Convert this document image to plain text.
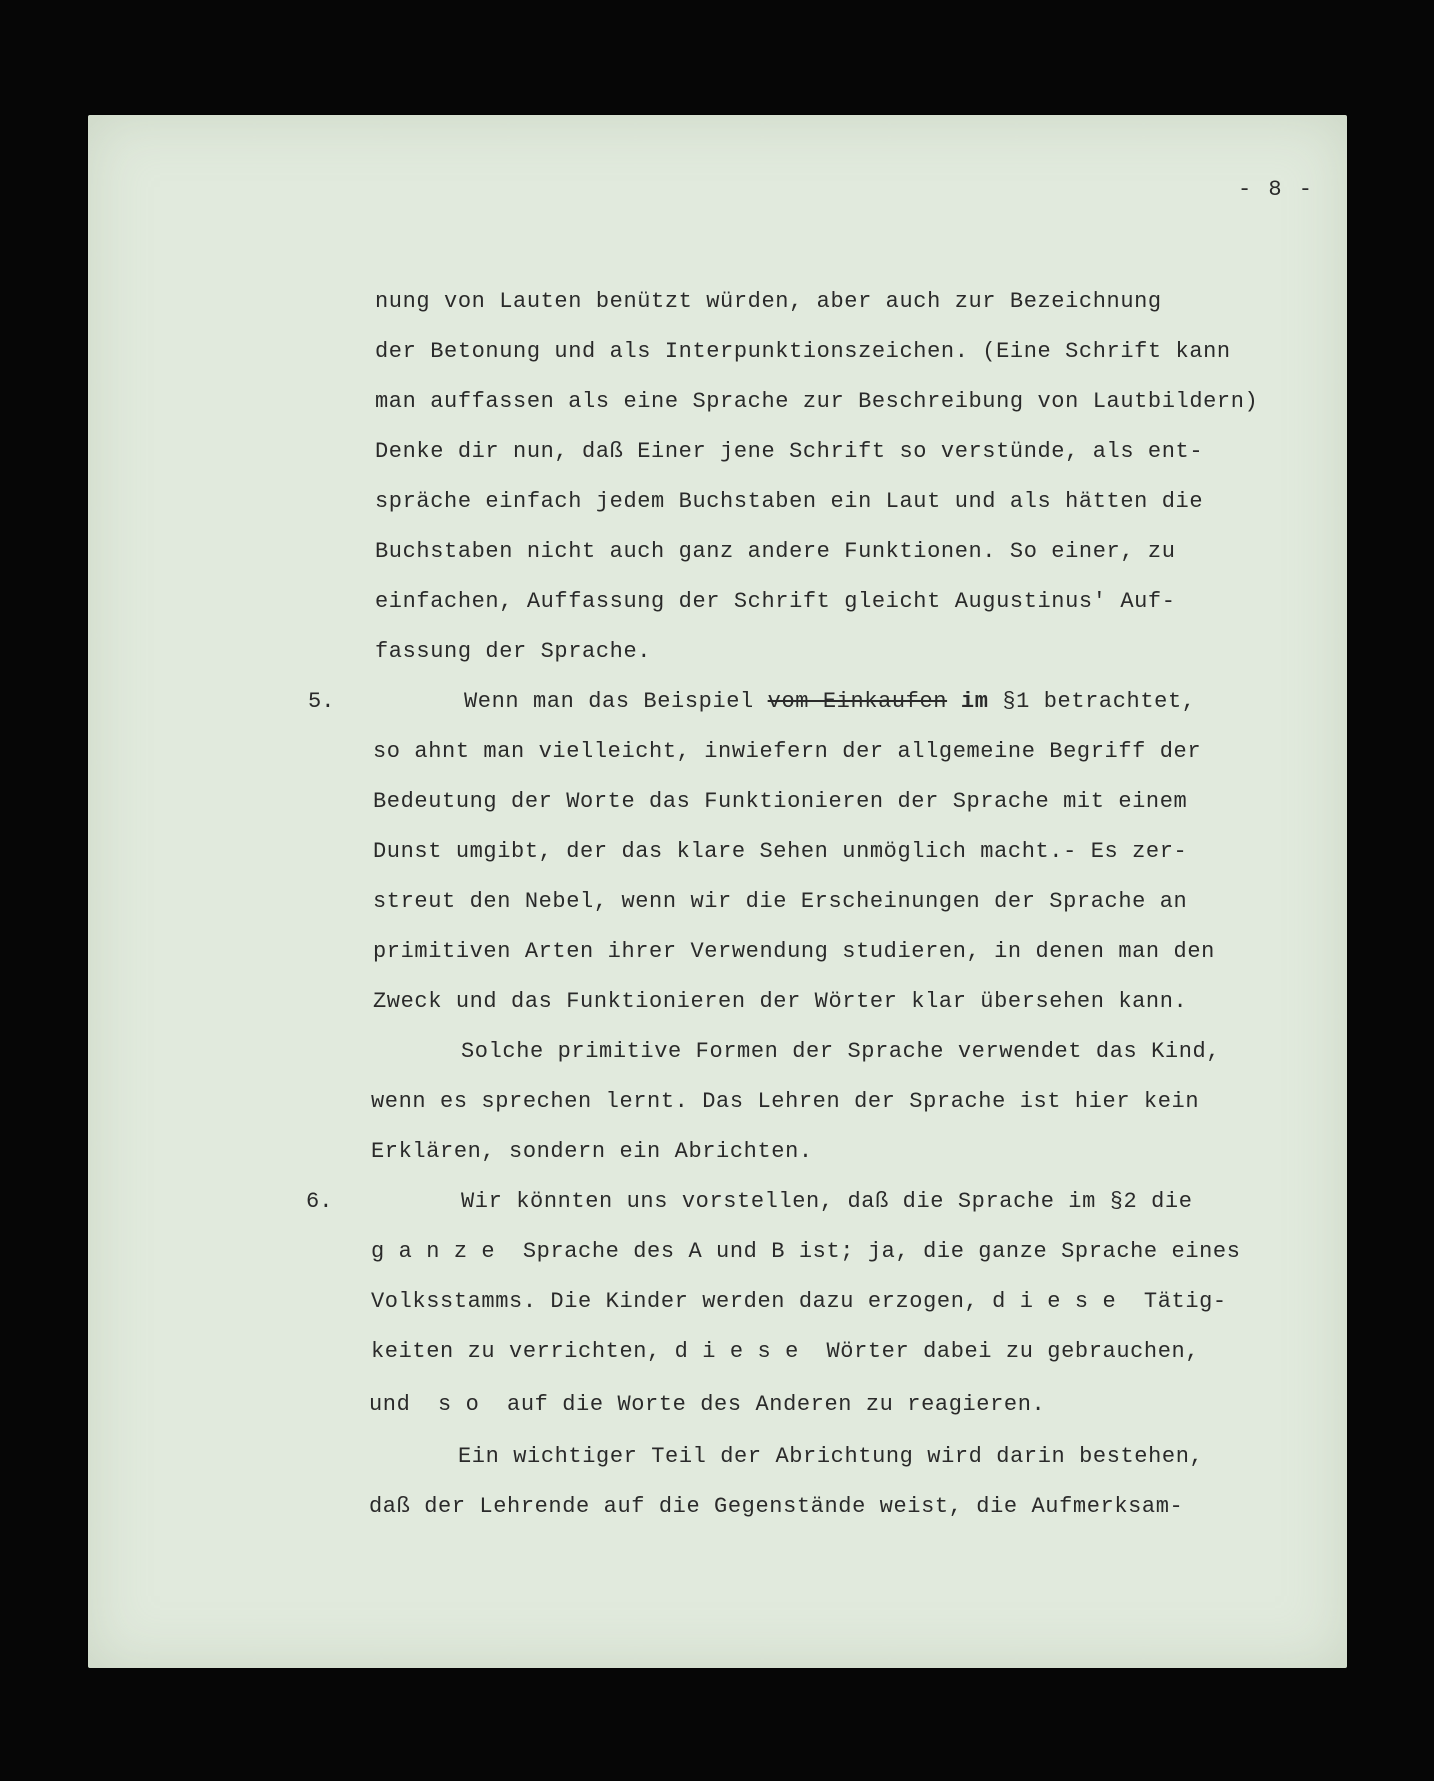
- 8 -
nung von Lauten benützt würden, aber auch zur Bezeichnung
der Betonung und als Interpunktionszeichen. (Eine Schrift kann
man auffassen als eine Sprache zur Beschreibung von Lautbildern)
Denke dir nun, daß Einer jene Schrift so verstünde, als ent-
spräche einfach jedem Buchstaben ein Laut und als hätten die
Buchstaben nicht auch ganz andere Funktionen. So einer, zu
einfachen, Auffassung der Schrift gleicht Augustinus' Auf-
fassung der Sprache.
5.	Wenn man das Beispiel vom Einkaufen im §1 betrachtet,
so ahnt man vielleicht, inwiefern der allgemeine Begriff der
Bedeutung der Worte das Funktionieren der Sprache mit einem
Dunst umgibt, der das klare Sehen unmöglich macht.- Es zer-
streut den Nebel, wenn wir die Erscheinungen der Sprache an
primitiven Arten ihrer Verwendung studieren, in denen man den
Zweck und das Funktionieren der Wörter klar übersehen kann.
Solche primitive Formen der Sprache verwendet das Kind,
wenn es sprechen lernt. Das Lehren der Sprache ist hier kein
Erklären, sondern ein Abrichten.
6.	Wir könnten uns vorstellen, daß die Sprache im §2 die
g a n z e  Sprache des A und B ist; ja, die ganze Sprache eines
Volksstamms. Die Kinder werden dazu erzogen, d i e s e  Tätig-
keiten zu verrichten, d i e s e  Wörter dabei zu gebrauchen,
und  s o  auf die Worte des Anderen zu reagieren.
Ein wichtiger Teil der Abrichtung wird darin bestehen,
daß der Lehrende auf die Gegenstände weist, die Aufmerksam-
